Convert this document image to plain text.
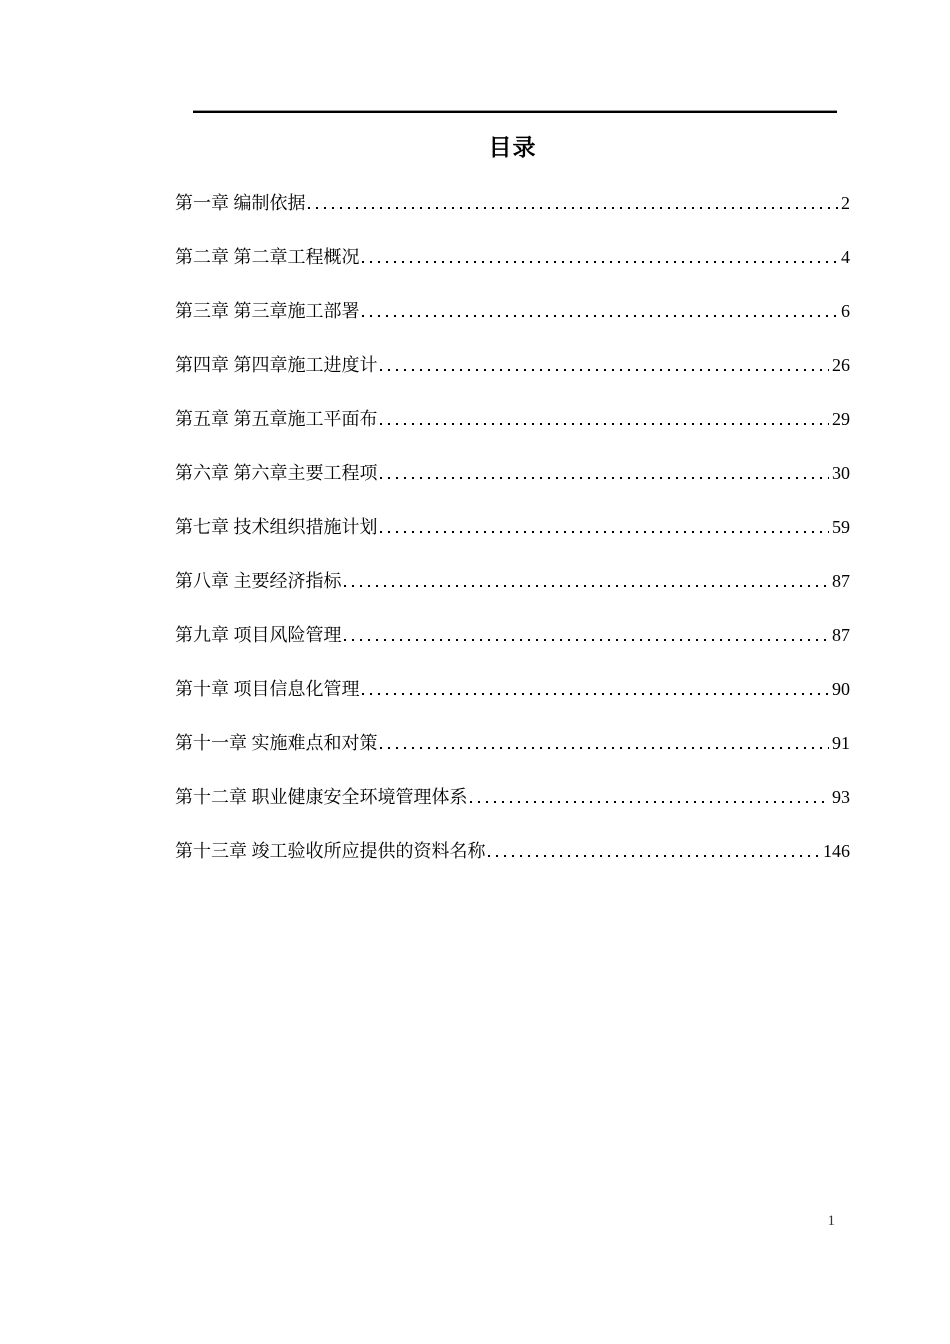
目录
第一章 编制依据	2
第二章 第二章工程概况	4
第三章 第三章施工部署	6
第四章 第四章施工进度计	26
第五章 第五章施工平面布	29
第六章 第六章主要工程项	30
第七章 技术组织措施计划	59
第八章 主要经济指标	87
第九章 项目风险管理	87
第十章 项目信息化管理	90
第十一章 实施难点和对策	91
第十二章 职业健康安全环境管理体系	93
第十三章 竣工验收所应提供的资料名称	146
1
